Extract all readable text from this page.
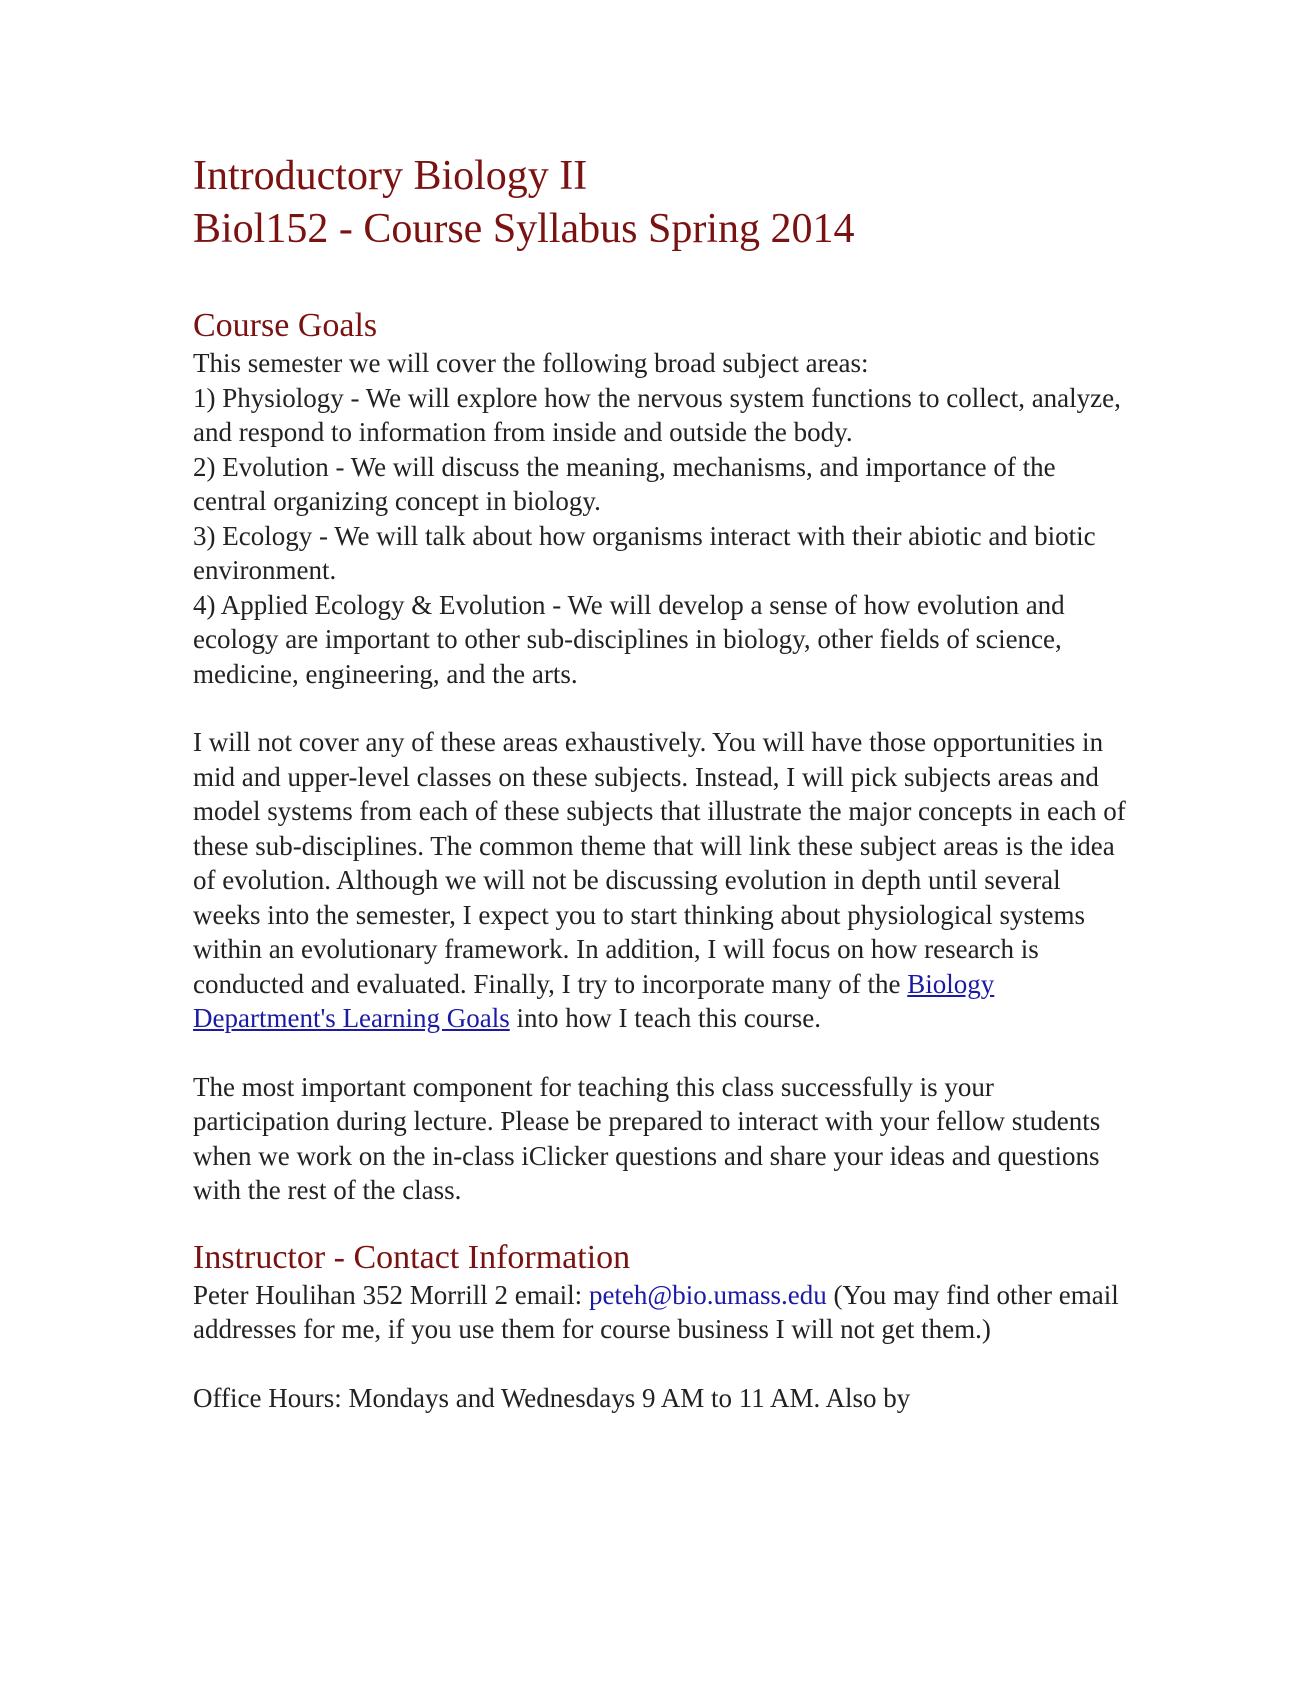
Introductory Biology II
Biol152 - Course Syllabus Spring 2014
Course Goals
This semester we will cover the following broad subject areas:
1) Physiology - We will explore how the nervous system functions to collect, analyze, and respond to information from inside and outside the body.
2) Evolution - We will discuss the meaning, mechanisms, and importance of the central organizing concept in biology.
3) Ecology - We will talk about how organisms interact with their abiotic and biotic environment.
4) Applied Ecology & Evolution - We will develop a sense of how evolution and ecology are important to other sub-disciplines in biology, other fields of science, medicine, engineering, and the arts.

I will not cover any of these areas exhaustively. You will have those opportunities in mid and upper-level classes on these subjects. Instead, I will pick subjects areas and model systems from each of these subjects that illustrate the major concepts in each of these sub-disciplines. The common theme that will link these subject areas is the idea of evolution. Although we will not be discussing evolution in depth until several weeks into the semester, I expect you to start thinking about physiological systems within an evolutionary framework. In addition, I will focus on how research is conducted and evaluated. Finally, I try to incorporate many of the Biology Department's Learning Goals into how I teach this course.

The most important component for teaching this class successfully is your participation during lecture. Please be prepared to interact with your fellow students when we work on the in-class iClicker questions and share your ideas and questions with the rest of the class.

Instructor - Contact Information

Peter Houlihan 352 Morrill 2 email: peteh@bio.umass.edu (You may find other email addresses for me, if you use them for course business I will not get them.)

Office Hours: Mondays and Wednesdays 9 AM to 11 AM. Also by
